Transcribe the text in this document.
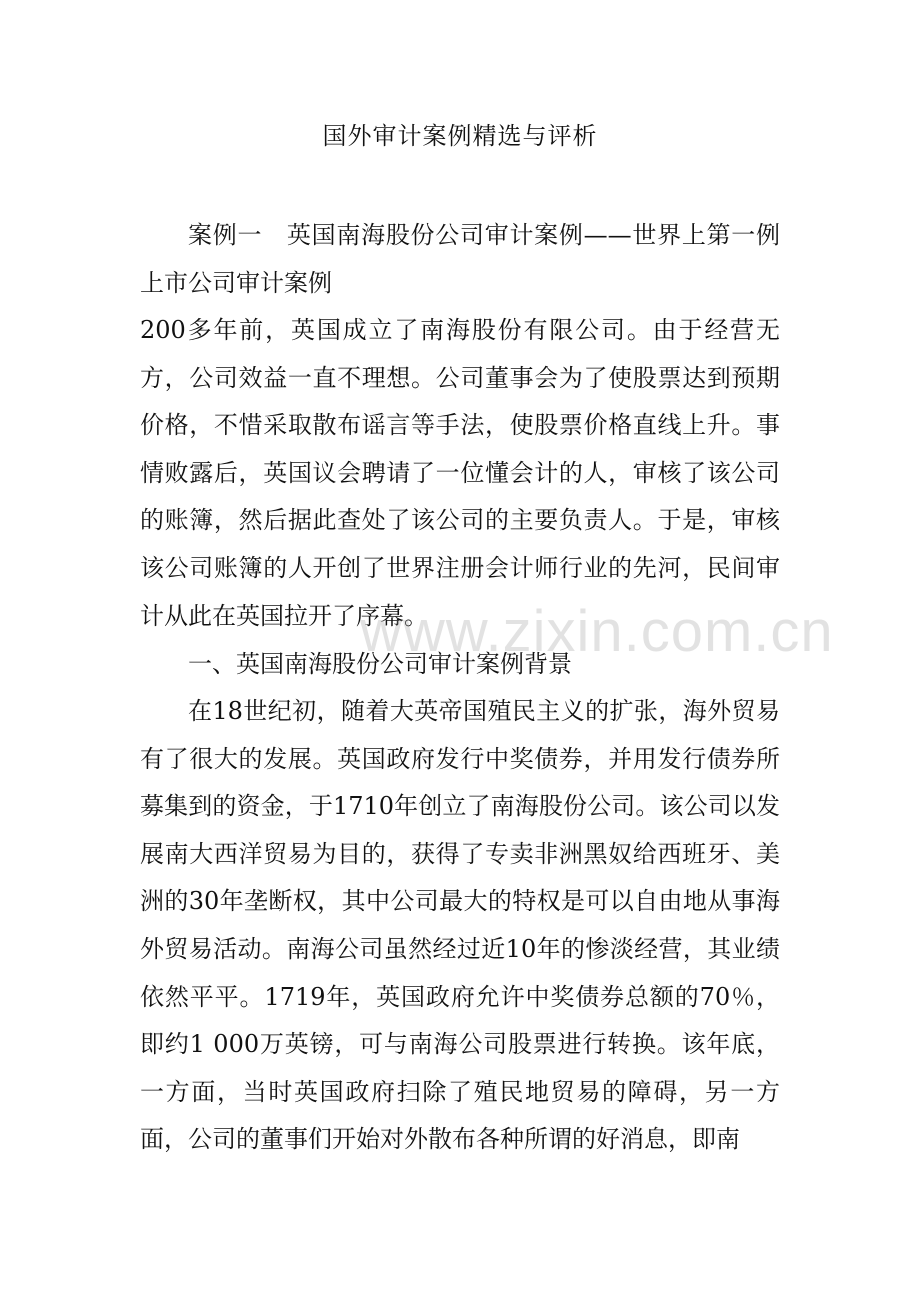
国外审计案例精选与评析
案例一　英国南海股份公司审计案例——世界上第一例上市公司审计案例
200多年前，英国成立了南海股份有限公司。由于经营无方，公司效益一直不理想。公司董事会为了使股票达到预期价格，不惜采取散布谣言等手法，使股票价格直线上升。事情败露后，英国议会聘请了一位懂会计的人，审核了该公司的账簿，然后据此查处了该公司的主要负责人。于是，审核该公司账簿的人开创了世界注册会计师行业的先河，民间审计从此在英国拉开了序幕。
一、英国南海股份公司审计案例背景
在18世纪初，随着大英帝国殖民主义的扩张，海外贸易有了很大的发展。英国政府发行中奖债券，并用发行债券所募集到的资金，于1710年创立了南海股份公司。该公司以发展南大西洋贸易为目的，获得了专卖非洲黑奴给西班牙、美洲的30年垄断权，其中公司最大的特权是可以自由地从事海外贸易活动。南海公司虽然经过近10年的惨淡经营，其业绩依然平平。1719年，英国政府允许中奖债券总额的70％，即约1 000万英镑，可与南海公司股票进行转换。该年底，一方面，当时英国政府扫除了殖民地贸易的障碍，另一方面，公司的董事们开始对外散布各种所谓的好消息，即南
www.zixin.com.cn
